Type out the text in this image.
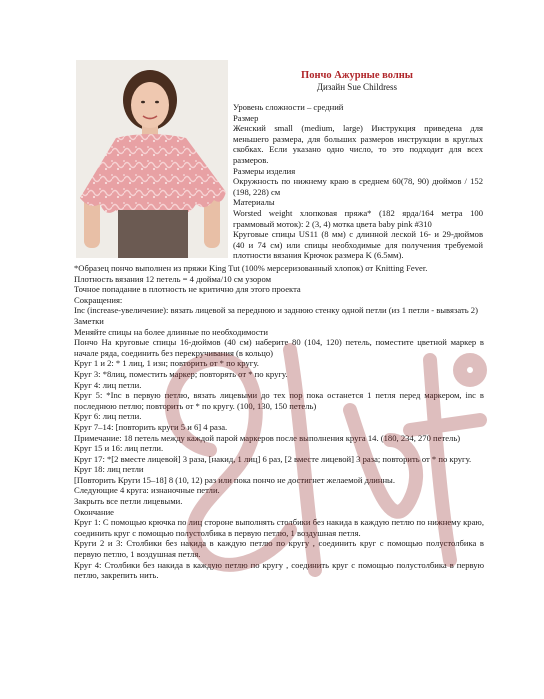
Пончо Ажурные волны
Дизайн Sue Childress

Уровень сложности – средний

Размер

Женский small (medium, large) Инструкция приведена для меньшего размера, для больших размеров инструкции в круглых скобках. Если указано одно число, то это подходит для всех размеров.

Размеры изделия

Окружность по нижнему краю в среднем 60(78, 90) дюймов / 152 (198, 228) см

Материалы

Worsted weight хлопковая пряжа* (182 ярда/164 метра 100 граммовый моток): 2 (3, 4) мотка цвета baby pink #310

Круговые спицы US11 (8 мм) с длинной леской 16- и 29-дюймов (40 и 74 см) или спицы необходимые для получения требуемой плотности вязания Крючок размера K (6.5мм).

*Образец пончо выполнен из пряжи King Tut (100% мерсеризованный хлопок) от Knitting Fever.

Плотность вязания 12 петель = 4 дюйма/10 см узором

Точное попадание в плотность не критично для этого проекта

Сокращения:

Inc (increase-увеличение): вязать лицевой за переднюю и заднюю стенку одной петли (из 1 петли - вывязать 2)

Заметки

Меняйте спицы на более длинные по необходимости

Пончо На круговые спицы 16-дюймов (40 см) наберите 80 (104, 120) петель, поместите цветной маркер в начале ряда, соединить без перекручивания (в кольцо)

Круг 1 и 2: * 1 лиц, 1 изн; повторить от * по кругу.

Круг 3: *8лиц, поместить маркер; повторять от * по кругу.

Круг 4: лиц петли.

Круг 5: *Inc в первую петлю, вязать лицевыми до тех пор пока останется 1 петля перед маркером, inc в последнюю петлю; повторить от * по кругу. (100, 130, 150 петель)

Круг 6: лиц петли.

Круг 7–14: [повторить круги 5 и 6] 4 раза.

Примечание: 18 петель между каждой парой маркеров после выполнения круга 14. (180, 234, 270 петель)

Круг 15 и 16: лиц петли.

Круг 17: *[2 вместе лицевой] 3 раза, [накид, 1 лиц] 6 раз, [2 вместе лицевой] 3 раза; повторить от * по кругу.

Круг 18: лиц петли

[Повторить Круги 15–18] 8 (10, 12) раз или пока пончо не достигнет желаемой длинны.

Следующие 4 круга: изнаночные петли.

Закрыть все петли лицевыми.

Окончание

Круг 1: С помощью крючка по лиц стороне выполнять столбики без накида в каждую петлю по нижнему краю, соединить круг с помощью полустолбика в первую петлю, 1 воздушная петля.

Круги 2 и 3: Столбики без накида в каждую петлю по кругу , соединить круг с помощью полустолбика в первую петлю, 1 воздушная петля.

Круг 4: Столбики без накида в каждую петлю по кругу , соединить круг с помощью полустолбика в первую петлю, закрепить нить.
